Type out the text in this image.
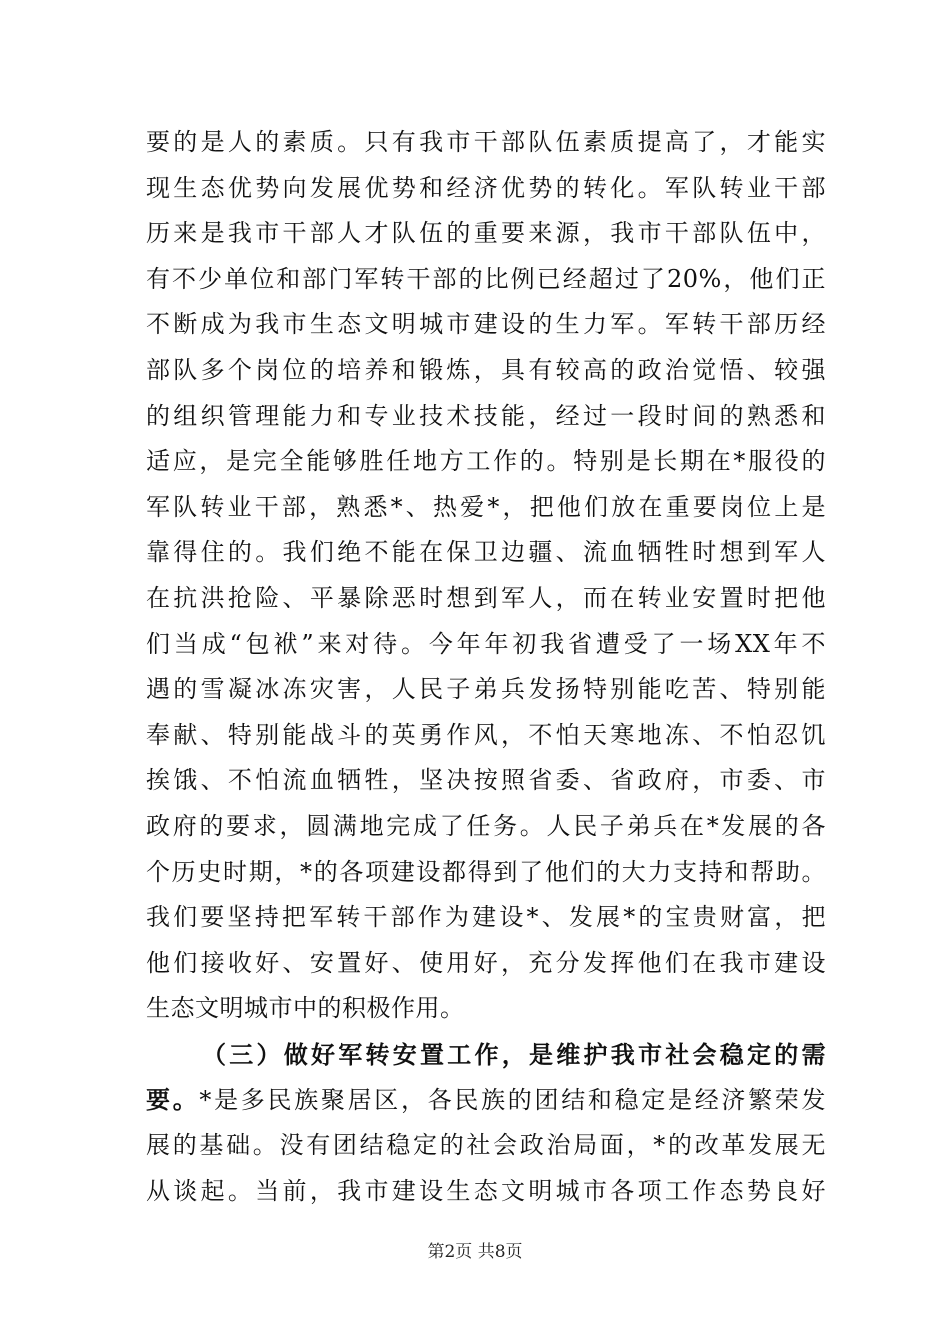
要的是人的素质。只有我市干部队伍素质提高了，才能实
现生态优势向发展优势和经济优势的转化。军队转业干部
历来是我市干部人才队伍的重要来源，我市干部队伍中，
有不少单位和部门军转干部的比例已经超过了20%，他们正
不断成为我市生态文明城市建设的生力军。军转干部历经
部队多个岗位的培养和锻炼，具有较高的政治觉悟、较强
的组织管理能力和专业技术技能，经过一段时间的熟悉和
适应，是完全能够胜任地方工作的。特别是长期在*服役的
军队转业干部，熟悉*、热爱*，把他们放在重要岗位上是
靠得住的。我们绝不能在保卫边疆、流血牺牲时想到军人
在抗洪抢险、平暴除恶时想到军人，而在转业安置时把他
们当成“包袱”来对待。今年年初我省遭受了一场XX年不
遇的雪凝冰冻灾害，人民子弟兵发扬特别能吃苦、特别能
奉献、特别能战斗的英勇作风，不怕天寒地冻、不怕忍饥
挨饿、不怕流血牺牲，坚决按照省委、省政府，市委、市
政府的要求，圆满地完成了任务。人民子弟兵在*发展的各
个历史时期，*的各项建设都得到了他们的大力支持和帮助。
我们要坚持把军转干部作为建设*、发展*的宝贵财富，把
他们接收好、安置好、使用好，充分发挥他们在我市建设
生态文明城市中的积极作用。
（三）做好军转安置工作，是维护我市社会稳定的需
要。*是多民族聚居区，各民族的团结和稳定是经济繁荣发
展的基础。没有团结稳定的社会政治局面，*的改革发展无
从谈起。当前，我市建设生态文明城市各项工作态势良好
第2页 共8页
